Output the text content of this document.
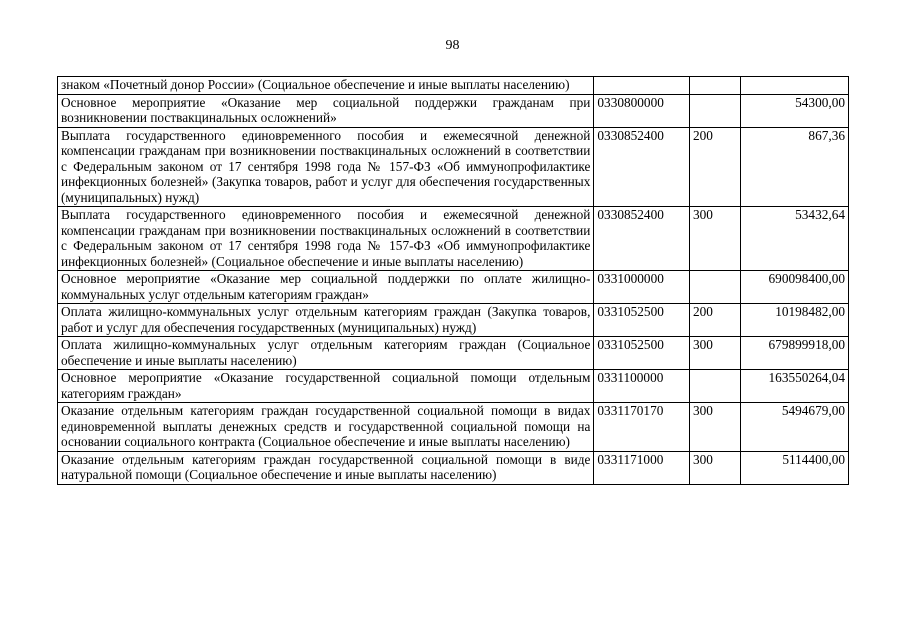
98
знаком «Почетный донор России» (Социальное обеспечение и иные выплаты населению)			
Основное мероприятие «Оказание мер социальной поддержки гражданам при возникновении поствакцинальных осложнений»	0330800000		54300,00
Выплата государственного единовременного пособия и ежемесячной денежной компенсации гражданам при возникновении поствакцинальных осложнений в соответствии с Федеральным законом от 17 сентября 1998 года № 157-ФЗ «Об иммунопрофилактике инфекционных болезней» (Закупка товаров, работ и услуг для обеспечения государственных (муниципальных) нужд)	0330852400	200	867,36
Выплата государственного единовременного пособия и ежемесячной денежной компенсации гражданам при возникновении поствакцинальных осложнений в соответствии с Федеральным законом от 17 сентября 1998 года № 157-ФЗ «Об иммунопрофилактике инфекционных болезней» (Социальное обеспечение и иные выплаты населению)	0330852400	300	53432,64
Основное мероприятие «Оказание мер социальной поддержки по оплате жилищно-коммунальных услуг отдельным категориям граждан»	0331000000		690098400,00
Оплата жилищно-коммунальных услуг отдельным категориям граждан (Закупка товаров, работ и услуг для обеспечения государственных (муниципальных) нужд)	0331052500	200	10198482,00
Оплата жилищно-коммунальных услуг отдельным категориям граждан (Социальное обеспечение и иные выплаты населению)	0331052500	300	679899918,00
Основное мероприятие «Оказание государственной социальной помощи отдельным категориям граждан»	0331100000		163550264,04
Оказание отдельным категориям граждан государственной социальной помощи в видах единовременной выплаты денежных средств и государственной социальной помощи на основании социального контракта (Социальное обеспечение и иные выплаты населению)	0331170170	300	5494679,00
Оказание отдельным категориям граждан государственной социальной помощи в виде натуральной помощи (Социальное обеспечение и иные выплаты населению)	0331171000	300	5114400,00
